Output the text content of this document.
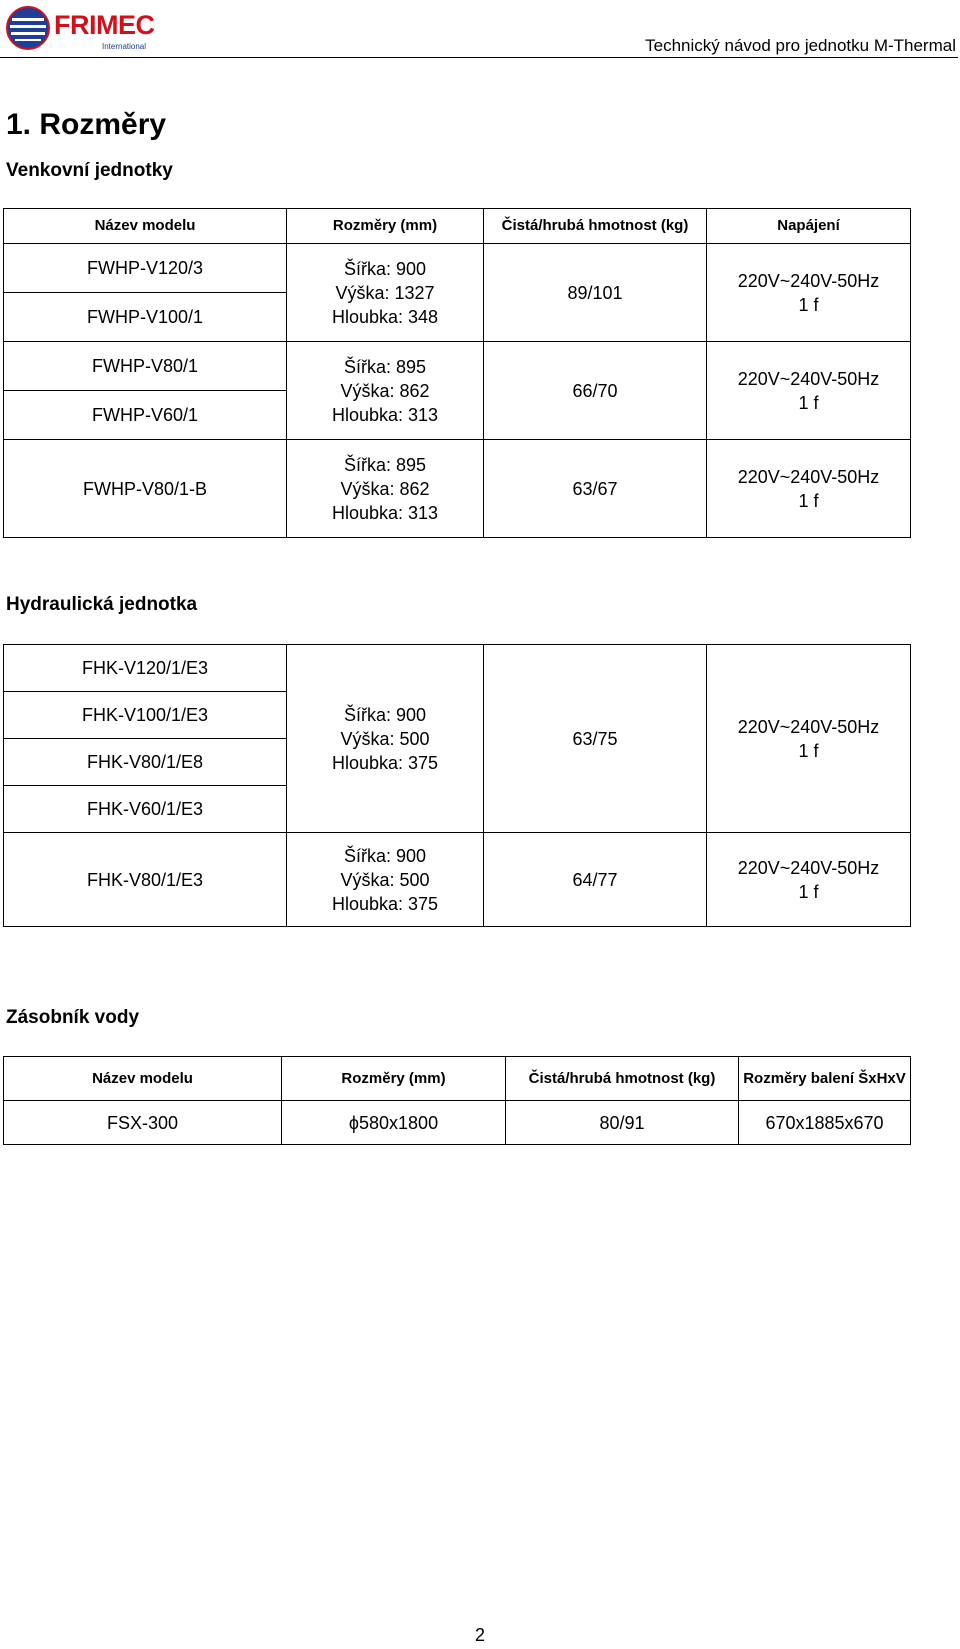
FRIMEC
International	Technický návod pro jednotku M-Thermal
1. Rozměry
Venkovní jednotky
Název modelu	Rozměry (mm)	Čistá/hrubá hmotnost (kg)	Napájení
FWHP-V120/3	Šířka: 900
Výška: 1327
Hloubka: 348	89/101	220V~240V-50Hz
1 f

FWHP-V100/1			
FWHP-V80/1	Šířka: 895
Výška: 862
Hloubka: 313	66/70	220V~240V-50Hz
1 f

FWHP-V60/1			
FWHP-V80/1-B	Šířka: 895
Výška: 862
Hloubka: 313	63/67	220V~240V-50Hz
1 f
Hydraulická jednotka
FHK-V120/1/E3	Šířka: 900
Výška: 500
Hloubka: 375	63/75	220V~240V-50Hz
1 f

FHK-V100/1/E3			
FHK-V80/1/E8			
FHK-V60/1/E3			
FHK-V80/1/E3	Šířka: 900
Výška: 500
Hloubka: 375	64/77	220V~240V-50Hz
1 f
Zásobník vody
Název modelu	Rozměry (mm)	Čistá/hrubá hmotnost (kg)	Rozměry balení ŠxHxV
FSX-300	ϕ580x1800	80/91	670x1885x670
2
